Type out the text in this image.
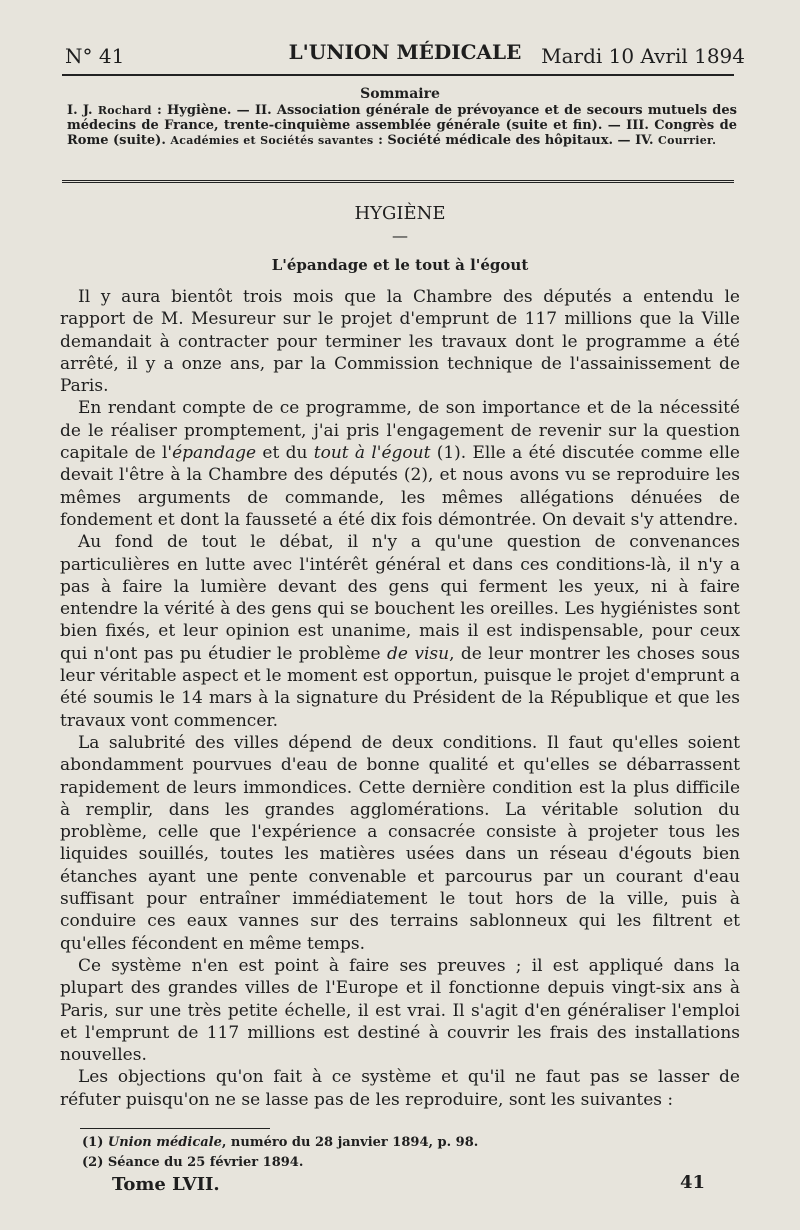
N° 41	L'UNION MÉDICALE Mardi 10 Avril 1894
Sommaire
I. J. Rochard : Hygiène. — II. Association générale de prévoyance et de secours mutuels des médecins de France, trente-cinquième assemblée générale (suite et fin). — III. Congrès de Rome (suite). Académies et Sociétés savantes : Société médicale des hôpitaux. — IV. Courrier.
HYGIÈNE
—
L'épandage et le tout à l'égout

Il y aura bientôt trois mois que la Chambre des députés a entendu le rapport de M. Mesureur sur le projet d'emprunt de 117 millions que la Ville demandait à contracter pour terminer les travaux dont le programme a été arrêté, il y a onze ans, par la Commission technique de l'assainissement de Paris.

En rendant compte de ce programme, de son importance et de la nécessité de le réaliser promptement, j'ai pris l'engagement de revenir sur la question capitale de l'épandage et du tout à l'égout (1). Elle a été discutée comme elle devait l'être à la Chambre des députés (2), et nous avons vu se reproduire les mêmes arguments de commande, les mêmes allégations dénuées de fondement et dont la fausseté a été dix fois démontrée. On devait s'y attendre.

Au fond de tout le débat, il n'y a qu'une question de convenances particulières en lutte avec l'intérêt général et dans ces conditions-là, il n'y a pas à faire la lumière devant des gens qui ferment les yeux, ni à faire entendre la vérité à des gens qui se bouchent les oreilles. Les hygiénistes sont bien fixés, et leur opinion est unanime, mais il est indispensable, pour ceux qui n'ont pas pu étudier le problème de visu, de leur montrer les choses sous leur véritable aspect et le moment est opportun, puisque le projet d'emprunt a été soumis le 14 mars à la signature du Président de la République et que les travaux vont commencer.

La salubrité des villes dépend de deux conditions. Il faut qu'elles soient abondamment pourvues d'eau de bonne qualité et qu'elles se débarrassent rapidement de leurs immondices. Cette dernière condition est la plus difficile à remplir, dans les grandes agglomérations. La véritable solution du problème, celle que l'expérience a consacrée consiste à projeter tous les liquides souillés, toutes les matières usées dans un réseau d'égouts bien étanches ayant une pente convenable et parcourus par un courant d'eau suffisant pour entraîner immédiatement le tout hors de la ville, puis à conduire ces eaux vannes sur des terrains sablonneux qui les filtrent et qu'elles fécondent en même temps.

Ce système n'en est point à faire ses preuves ; il est appliqué dans la plupart des grandes villes de l'Europe et il fonctionne depuis vingt-six ans à Paris, sur une très petite échelle, il est vrai. Il s'agit d'en généraliser l'emploi et l'emprunt de 117 millions est destiné à couvrir les frais des installations nouvelles.

Les objections qu'on fait à ce système et qu'il ne faut pas se lasser de réfuter puisqu'on ne se lasse pas de les reproduire, sont les suivantes :

(1) Union médicale, numéro du 28 janvier 1894, p. 98.
(2) Séance du 25 février 1894.
Tome LVII.	41
